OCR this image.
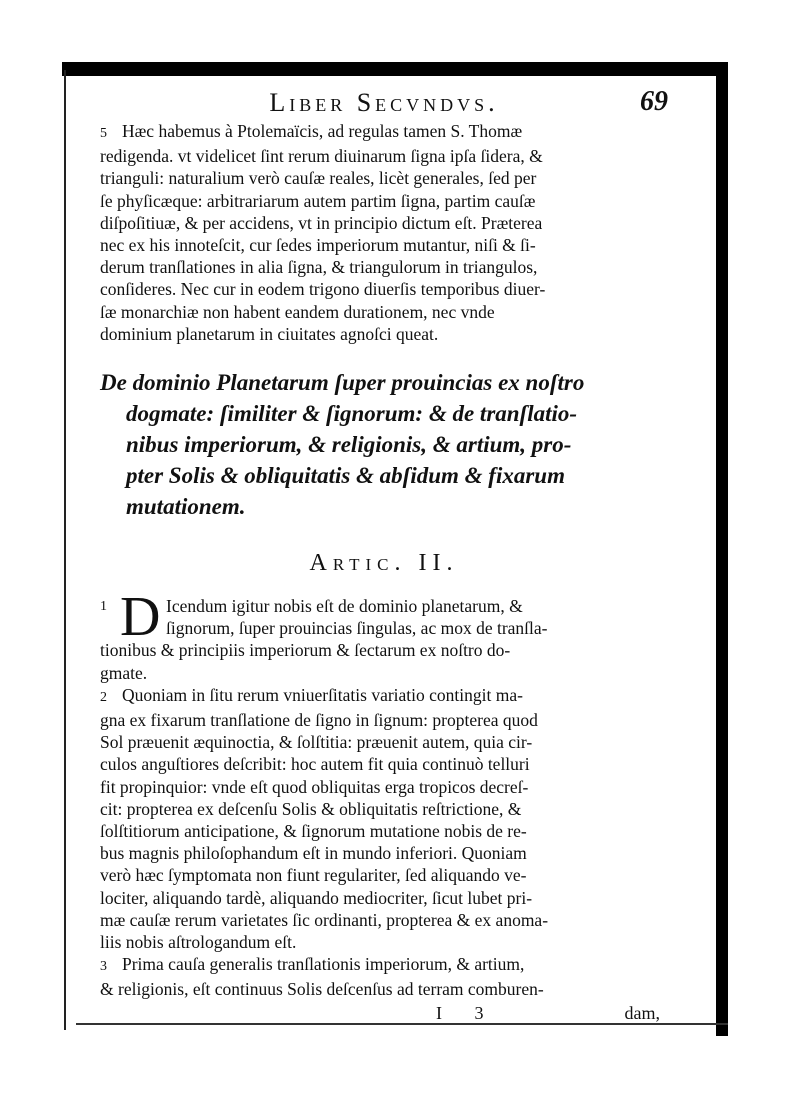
Liber Secvndvs.	69

5 Hæc habemus à Ptolemaïcis, ad regulas tamen S. Thomæ
redigenda. vt videlicet ſint rerum diuinarum ſigna ipſa ſidera, &
trianguli: naturalium verò cauſæ reales, licèt generales, ſed per
ſe phyſicæque: arbitrariarum autem partim ſigna, partim cauſæ
diſpoſitiuæ, & per accidens, vt in principio dictum eſt. Præterea
nec ex his innoteſcit, cur ſedes imperiorum mutantur, niſi & ſi-
derum tranſlationes in alia ſigna, & triangulorum in triangulos,
conſideres. Nec cur in eodem trigono diuerſis temporibus diuer-
ſæ monarchiæ non habent eandem durationem, nec vnde
dominium planetarum in ciuitates agnoſci queat.

De dominio Planetarum ſuper prouincias ex noſtro
dogmate: ſimiliter & ſignorum: & de tranſlatio-
nibus imperiorum, & religionis, & artium, pro-
pter Solis & obliquitatis & abſidum & fixarum
mutationem.
Artic. II.
1 D Icendum igitur nobis eſt de dominio planetarum, &
ſignorum, ſuper prouincias ſingulas, ac mox de tranſla-
tionibus & principiis imperiorum & ſectarum ex noſtro do-
gmate.

2 Quoniam in ſitu rerum vniuerſitatis variatio contingit ma-
gna ex fixarum tranſlatione de ſigno in ſignum: propterea quod
Sol præuenit æquinoctia, & ſolſtitia: præuenit autem, quia cir-
culos anguſtiores deſcribit: hoc autem fit quia continuò telluri
fit propinquior: vnde eſt quod obliquitas erga tropicos decreſ-
cit: propterea ex deſcenſu Solis & obliquitatis reſtrictione, &
ſolſtitiorum anticipatione, & ſignorum mutatione nobis de re-
bus magnis philoſophandum eſt in mundo inferiori. Quoniam
verò hæc ſymptomata non fiunt regulariter, ſed aliquando ve-
lociter, aliquando tardè, aliquando mediocriter, ſicut lubet pri-
mæ cauſæ rerum varietates ſic ordinanti, propterea & ex anoma-
liis nobis aſtrologandum eſt.

3 Prima cauſa generalis tranſlationis imperiorum, & artium,
& religionis, eſt continuus Solis deſcenſus ad terram comburen-

I 3	dam,
